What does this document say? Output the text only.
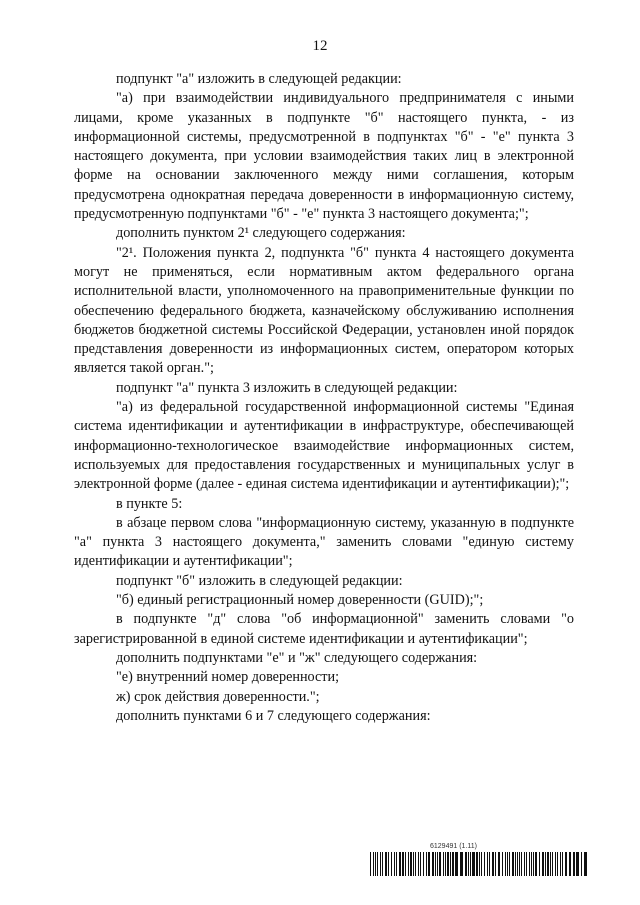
12

подпункт "а" изложить в следующей редакции:

"а) при взаимодействии индивидуального предпринимателя с иными лицами, кроме указанных в подпункте "б" настоящего пункта, - из информационной системы, предусмотренной в подпунктах "б" - "е" пункта 3 настоящего документа, при условии взаимодействия таких лиц в электронной форме на основании заключенного между ними соглашения, которым предусмотрена однократная передача доверенности в информационную систему, предусмотренную подпунктами "б" - "е" пункта 3 настоящего документа;";

дополнить пунктом 2¹ следующего содержания:

"2¹. Положения пункта 2, подпункта "б" пункта 4 настоящего документа могут не применяться, если нормативным актом федерального органа исполнительной власти, уполномоченного на правоприменительные функции по обеспечению федерального бюджета, казначейскому обслуживанию исполнения бюджетов бюджетной системы Российской Федерации, установлен иной порядок представления доверенности из информационных систем, оператором которых является такой орган.";

подпункт "а" пункта 3 изложить в следующей редакции:

"а) из федеральной государственной информационной системы "Единая система идентификации и аутентификации в инфраструктуре, обеспечивающей информационно-технологическое взаимодействие информационных систем, используемых для предоставления государственных и муниципальных услуг в электронной форме (далее - единая система идентификации и аутентификации);";

в пункте 5:

в абзаце первом слова "информационную систему, указанную в подпункте "а" пункта 3 настоящего документа," заменить словами "единую систему идентификации и аутентификации";

подпункт "б" изложить в следующей редакции:

"б) единый регистрационный номер доверенности (GUID);";

в подпункте "д" слова "об информационной" заменить словами "о зарегистрированной в единой системе идентификации и аутентификации";

дополнить подпунктами "е" и "ж" следующего содержания:

"е) внутренний номер доверенности;

ж) срок действия доверенности.";

дополнить пунктами 6 и 7 следующего содержания:

6129491 (1.11)
